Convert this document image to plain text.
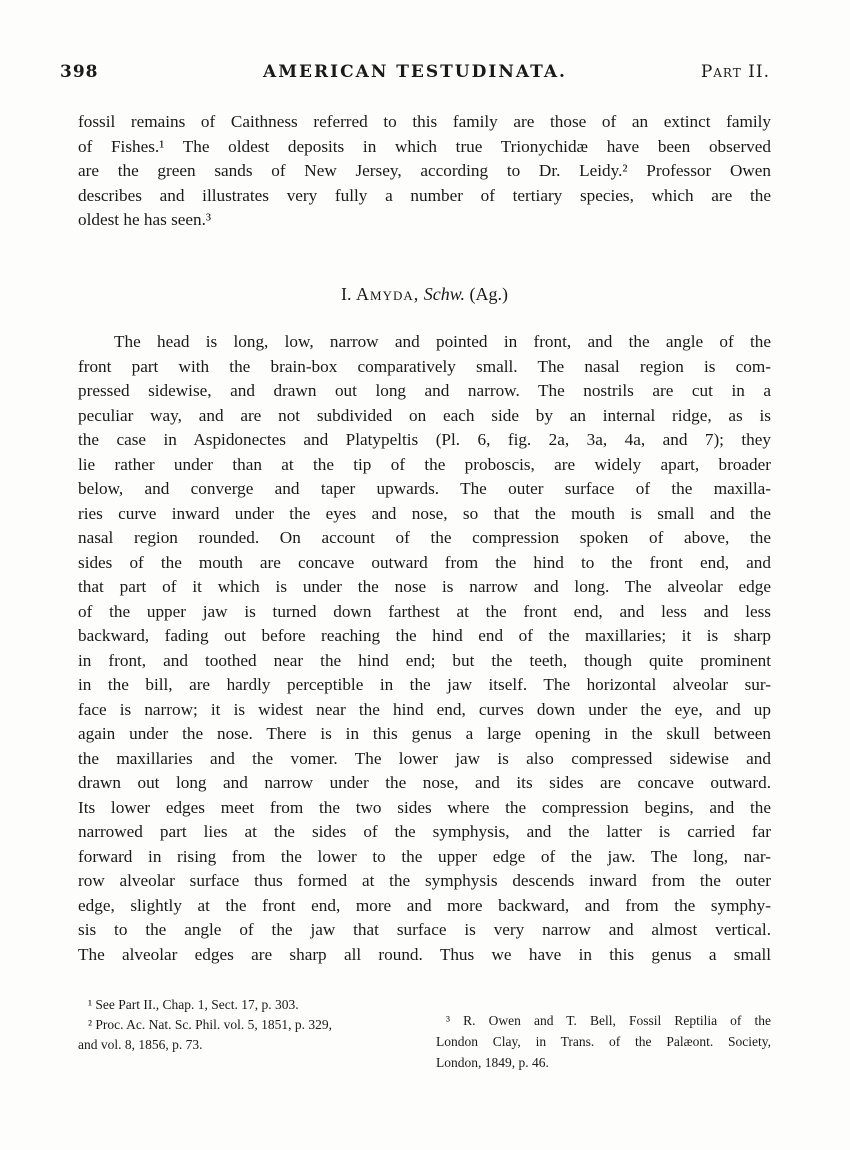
398	AMERICAN TESTUDINATA.	Part II.
fossil remains of Caithness referred to this family are those of an extinct family
of Fishes.¹ The oldest deposits in which true Trionychidæ have been observed
are the green sands of New Jersey, according to Dr. Leidy.² Professor Owen
describes and illustrates very fully a number of tertiary species, which are the
oldest he has seen.³
I. Amyda, Schw. (Ag.)
The head is long, low, narrow and pointed in front, and the angle of the
front part with the brain-box comparatively small. The nasal region is com-
pressed sidewise, and drawn out long and narrow. The nostrils are cut in a
peculiar way, and are not subdivided on each side by an internal ridge, as is
the case in Aspidonectes and Platypeltis (Pl. 6, fig. 2a, 3a, 4a, and 7); they
lie rather under than at the tip of the proboscis, are widely apart, broader
below, and converge and taper upwards. The outer surface of the maxilla-
ries curve inward under the eyes and nose, so that the mouth is small and the
nasal region rounded. On account of the compression spoken of above, the
sides of the mouth are concave outward from the hind to the front end, and
that part of it which is under the nose is narrow and long. The alveolar edge
of the upper jaw is turned down farthest at the front end, and less and less
backward, fading out before reaching the hind end of the maxillaries; it is sharp
in front, and toothed near the hind end; but the teeth, though quite prominent
in the bill, are hardly perceptible in the jaw itself. The horizontal alveolar sur-
face is narrow; it is widest near the hind end, curves down under the eye, and up
again under the nose. There is in this genus a large opening in the skull between
the maxillaries and the vomer. The lower jaw is also compressed sidewise and
drawn out long and narrow under the nose, and its sides are concave outward.
Its lower edges meet from the two sides where the compression begins, and the
narrowed part lies at the sides of the symphysis, and the latter is carried far
forward in rising from the lower to the upper edge of the jaw. The long, nar-
row alveolar surface thus formed at the symphysis descends inward from the outer
edge, slightly at the front end, more and more backward, and from the symphy-
sis to the angle of the jaw that surface is very narrow and almost vertical.
The alveolar edges are sharp all round. Thus we have in this genus a small
¹ See Part II., Chap. 1, Sect. 17, p. 303.
² Proc. Ac. Nat. Sc. Phil. vol. 5, 1851, p. 329,
and vol. 8, 1856, p. 73.
³ R. Owen and T. Bell, Fossil Reptilia of the
London Clay, in Trans. of the Palæont. Society,
London, 1849, p. 46.
